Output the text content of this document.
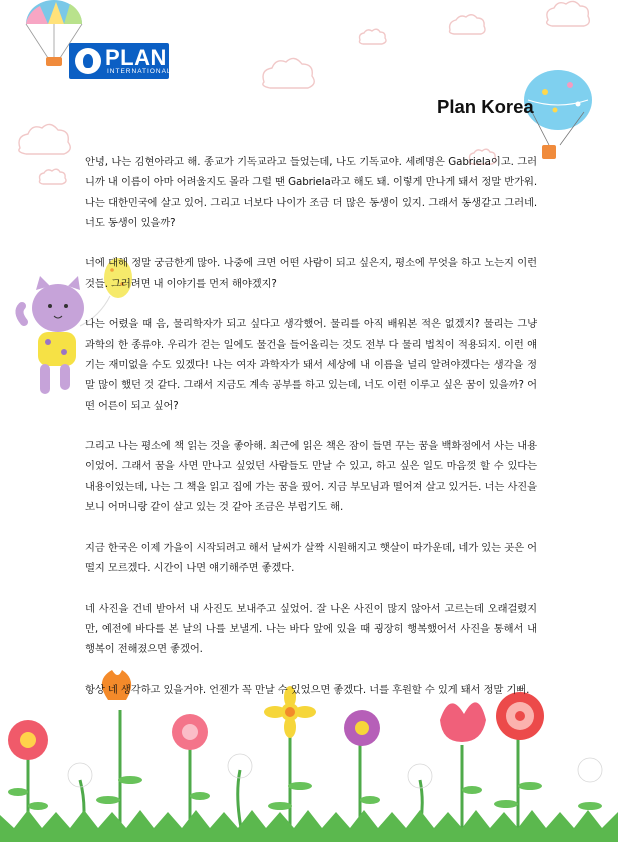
PLAN
INTERNATIONAL
Plan Korea

안녕, 나는 김현아라고 해. 종교가 기독교라고 들었는데, 나도 기독교야. 세례명은 Gabriela이고. 그러니까 내 이름이 아마 어려울지도 몰라 그럴 땐 Gabriela라고 해도 돼. 이렇게 만나게 돼서 정말 반가워. 나는 대한민국에 살고 있어. 그리고 너보다 나이가 조금 더 많은 동생이 있지. 그래서 동생같고 그러네. 너도 동생이 있을까?

너에 대해 정말 궁금한게 많아. 나중에 크면 어떤 사람이 되고 싶은지, 평소에 무엇을 하고 노는지 이런 것들. 그러려면 내 이야기를 먼저 해야겠지?

나는 어렸을 때 음, 물리학자가 되고 싶다고 생각했어. 물리를 아직 배워본 적은 없겠지? 물리는 그냥 과학의 한 종류야. 우리가 걷는 일에도 물건을 들어올리는 것도 전부 다 물리 법칙이 적용되지. 이런 얘기는 재미없을 수도 있겠다! 나는 여자 과학자가 돼서 세상에 내 이름을 널리 알려야겠다는 생각을 정말 많이 했던 것 같다. 그래서 지금도 계속 공부를 하고 있는데, 너도 이런 이루고 싶은 꿈이 있을까? 어떤 어른이 되고 싶어?

그리고 나는 평소에 책 읽는 것을 좋아해. 최근에 읽은 책은 잠이 들면 꾸는 꿈을 백화점에서 사는 내용이었어. 그래서 꿈을 사면 만나고 싶었던 사람들도 만날 수 있고, 하고 싶은 일도 마음껏 할 수 있다는 내용이었는데, 나는 그 책을 읽고 집에 가는 꿈을 꿨어. 지금 부모님과 떨어져 살고 있거든. 너는 사진을 보니 어머니랑 같이 살고 있는 것 같아 조금은 부럽기도 해.

지금 한국은 이제 가을이 시작되려고 해서 날씨가 살짝 시원해지고 햇살이 따가운데, 네가 있는 곳은 어떨지 모르겠다. 시간이 나면 얘기해주면 좋겠다.

네 사진을 건네 받아서 내 사진도 보내주고 싶었어. 잘 나온 사진이 많지 않아서 고르는데 오래걸렸지만, 예전에 바다를 본 날의 나를 보낼게. 나는 바다 앞에 있을 때 굉장히 행복했어서 사진을 통해서 내 행복이 전해졌으면 좋겠어.

항상 네 생각하고 있을거야. 언젠가 꼭 만날 수 있었으면 좋겠다. 너를 후원할 수 있게 돼서 정말 기뻐.
